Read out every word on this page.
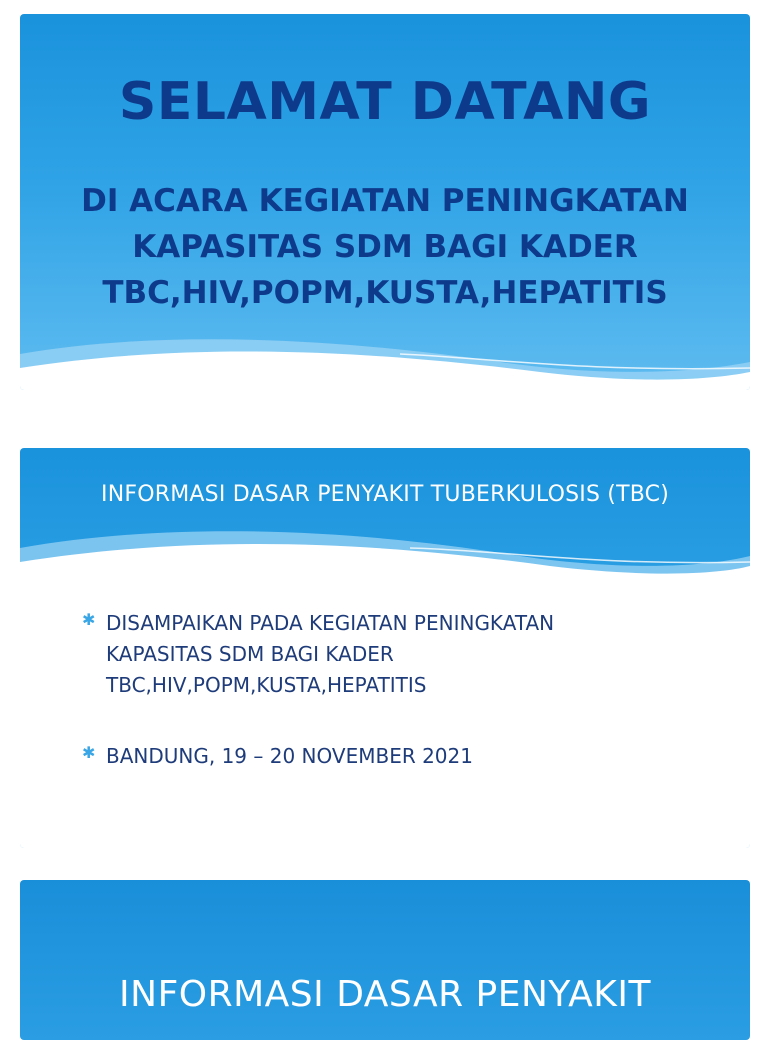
SELAMAT DATANG
DI ACARA KEGIATAN PENINGKATAN
KAPASITAS SDM BAGI KADER
TBC,HIV,POPM,KUSTA,HEPATITIS
INFORMASI DASAR PENYAKIT TUBERKULOSIS (TBC)
✱ DISAMPAIKAN PADA KEGIATAN PENINGKATAN
KAPASITAS SDM BAGI KADER
TBC,HIV,POPM,KUSTA,HEPATITIS
✱ BANDUNG, 19 – 20 NOVEMBER 2021
INFORMASI DASAR PENYAKIT
